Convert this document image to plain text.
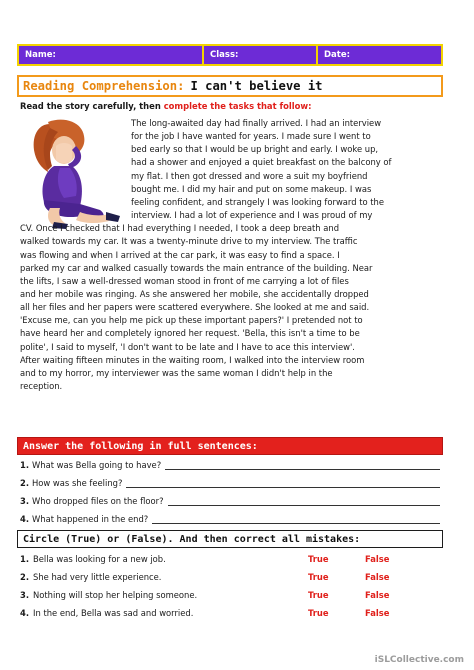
Name:	Class:	Date:
Reading Comprehension: I can't believe it
Read the story carefully, then complete the tasks that follow:
The long-awaited day had finally arrived. I had an interview
for the job I have wanted for years. I made sure I went to
bed early so that I would be up bright and early. I woke up,
had a shower and enjoyed a quiet breakfast on the balcony of
my flat. I then got dressed and wore a suit my boyfriend
bought me. I did my hair and put on some makeup. I was
feeling confident, and strangely I was looking forward to the
interview. I had a lot of experience and I was proud of my
CV. Once I checked that I had everything I needed, I took a deep breath and
walked towards my car. It was a twenty-minute drive to my interview. The traffic
was flowing and when I arrived at the car park, it was easy to find a space. I
parked my car and walked casually towards the main entrance of the building. Near
the lifts, I saw a well-dressed woman stood in front of me carrying a lot of files
and her mobile was ringing. As she answered her mobile, she accidentally dropped
all her files and her papers were scattered everywhere. She looked at me and said.
'Excuse me, can you help me pick up these important papers?' I pretended not to
have heard her and completely ignored her request. 'Bella, this isn't a time to be
polite', I said to myself, 'I don't want to be late and I have to ace this interview'.
After waiting fifteen minutes in the waiting room, I walked into the interview room
and to my horror, my interviewer was the same woman I didn't help in the
reception.
Answer the following in full sentences:
1. What was Bella going to have?
2. How was she feeling?
3. Who dropped files on the floor?
4. What happened in the end?
Circle (True) or (False). And then correct all mistakes:
1. Bella was looking for a new job.	True	False
2. She had very little experience.	True	False
3. Nothing will stop her helping someone.	True	False
4. In the end, Bella was sad and worried.	True	False
iSLCollective.com
